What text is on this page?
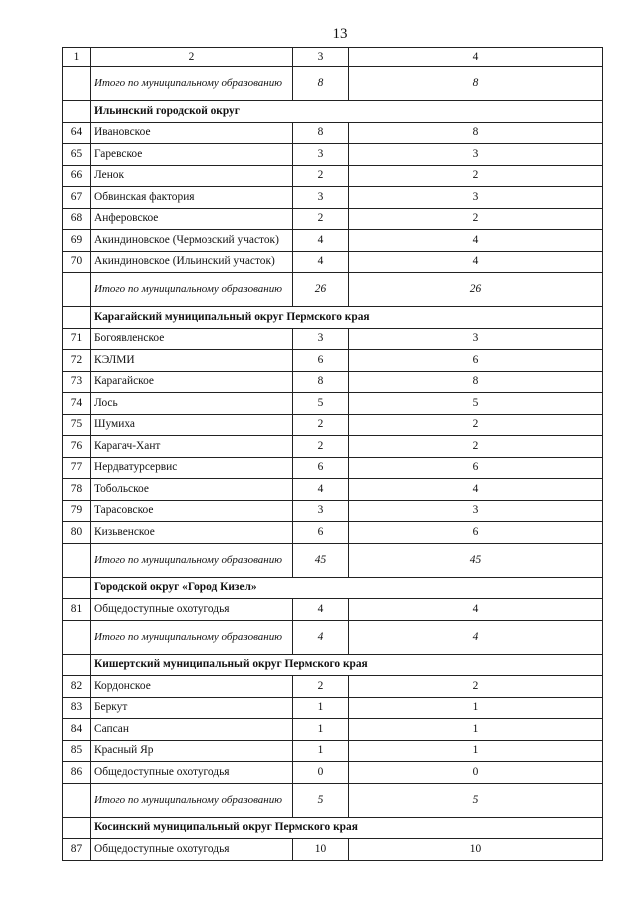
13
1	2	3	4
	Итого по муниципальному образованию	8	8
	Ильинский городской округ		
64	Ивановское	8	8
65	Гаревское	3	3
66	Ленок	2	2
67	Обвинская фактория	3	3
68	Анферовское	2	2
69	Акиндиновское (Чермозский участок)	4	4
70	Акиндиновское (Ильинский участок)	4	4
	Итого по муниципальному образованию	26	26
	Карагайский муниципальный округ Пермского края		
71	Богоявленское	3	3
72	КЭЛМИ	6	6
73	Карагайское	8	8
74	Лось	5	5
75	Шумиха	2	2
76	Карагач-Хант	2	2
77	Нердватурсервис	6	6
78	Тобольское	4	4
79	Тарасовское	3	3
80	Кизьвенское	6	6
	Итого по муниципальному образованию	45	45
	Городской округ «Город Кизел»		
81	Общедоступные охотугодья	4	4
	Итого по муниципальному образованию	4	4
	Кишертский муниципальный округ Пермского края		
82	Кордонское	2	2
83	Беркут	1	1
84	Сапсан	1	1
85	Красный Яр	1	1
86	Общедоступные охотугодья	0	0
	Итого по муниципальному образованию	5	5
	Косинский муниципальный округ Пермского края		
87	Общедоступные охотугодья	10	10
